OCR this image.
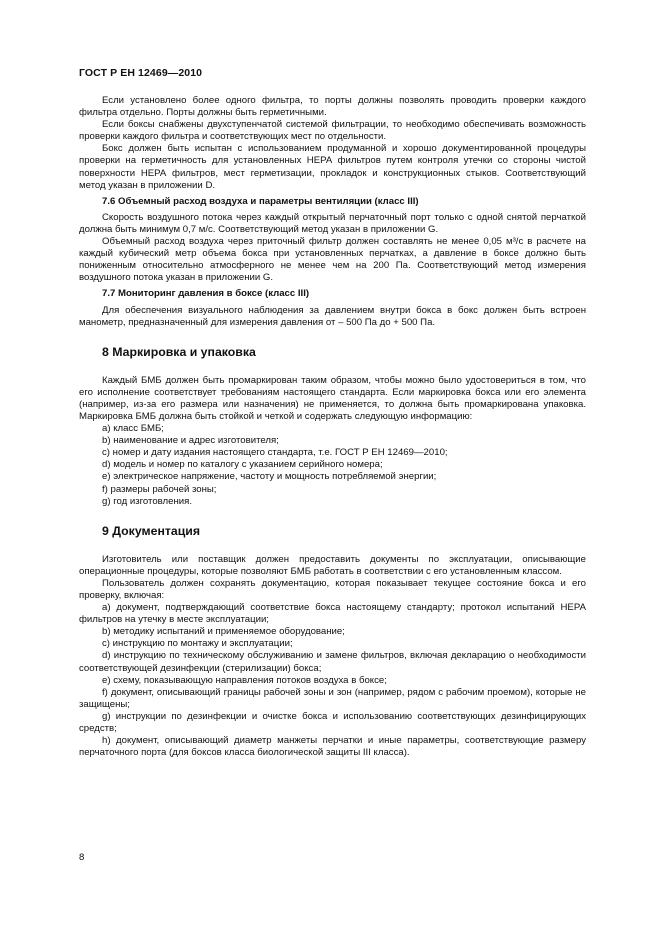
ГОСТ Р ЕН 12469—2010

Если установлено более одного фильтра, то порты должны позволять проводить проверки каждого фильтра отдельно. Порты должны быть герметичными.

Если боксы снабжены двухступенчатой системой фильтрации, то необходимо обеспечивать возможность проверки каждого фильтра и соответствующих мест по отдельности.

Бокс должен быть испытан с использованием продуманной и хорошо документированной процедуры проверки на герметичность для установленных НЕРА фильтров путем контроля утечки со стороны чистой поверхности НЕРА фильтров, мест герметизации, прокладок и конструкционных стыков. Соответствующий метод указан в приложении D.

7.6 Объемный расход воздуха и параметры вентиляции (класс III)

Скорость воздушного потока через каждый открытый перчаточный порт только с одной снятой перчаткой должна быть минимум 0,7 м/с. Соответствующий метод указан в приложении G.

Объемный расход воздуха через приточный фильтр должен составлять не менее 0,05 м³/с в расчете на каждый кубический метр объема бокса при установленных перчатках, а давление в боксе должно быть пониженным относительно атмосферного не менее чем на 200 Па. Соответствующий метод измерения воздушного потока указан в приложении G.

7.7 Мониторинг давления в боксе (класс III)

Для обеспечения визуального наблюдения за давлением внутри бокса в бокс должен быть встроен манометр, предназначенный для измерения давления от – 500 Па до + 500 Па.

8 Маркировка и упаковка

Каждый БМБ должен быть промаркирован таким образом, чтобы можно было удостовериться в том, что его исполнение соответствует требованиям настоящего стандарта. Если маркировка бокса или его элемента (например, из-за его размера или назначения) не применяется, то должна быть промаркирована упаковка. Маркировка БМБ должна быть стойкой и четкой и содержать следующую информацию:

a) класс БМБ;

b) наименование и адрес изготовителя;

c) номер и дату издания настоящего стандарта, т.е. ГОСТ Р ЕН 12469—2010;

d) модель и номер по каталогу с указанием серийного номера;

e) электрическое напряжение, частоту и мощность потребляемой энергии;

f) размеры рабочей зоны;

g) год изготовления.

9 Документация

Изготовитель или поставщик должен предоставить документы по эксплуатации, описывающие операционные процедуры, которые позволяют БМБ работать в соответствии с его установленным классом.

Пользователь должен сохранять документацию, которая показывает текущее состояние бокса и его проверку, включая:

a) документ, подтверждающий соответствие бокса настоящему стандарту; протокол испытаний НЕРА фильтров на утечку в месте эксплуатации;

b) методику испытаний и применяемое оборудование;

c) инструкцию по монтажу и эксплуатации;

d) инструкцию по техническому обслуживанию и замене фильтров, включая декларацию о необходимости соответствующей дезинфекции (стерилизации) бокса;

e) схему, показывающую направления потоков воздуха в боксе;

f) документ, описывающий границы рабочей зоны и зон (например, рядом с рабочим проемом), которые не защищены;

g) инструкции по дезинфекции и очистке бокса и использованию соответствующих дезинфицирующих средств;

h) документ, описывающий диаметр манжеты перчатки и иные параметры, соответствующие размеру перчаточного порта (для боксов класса биологической защиты III класса).

8
